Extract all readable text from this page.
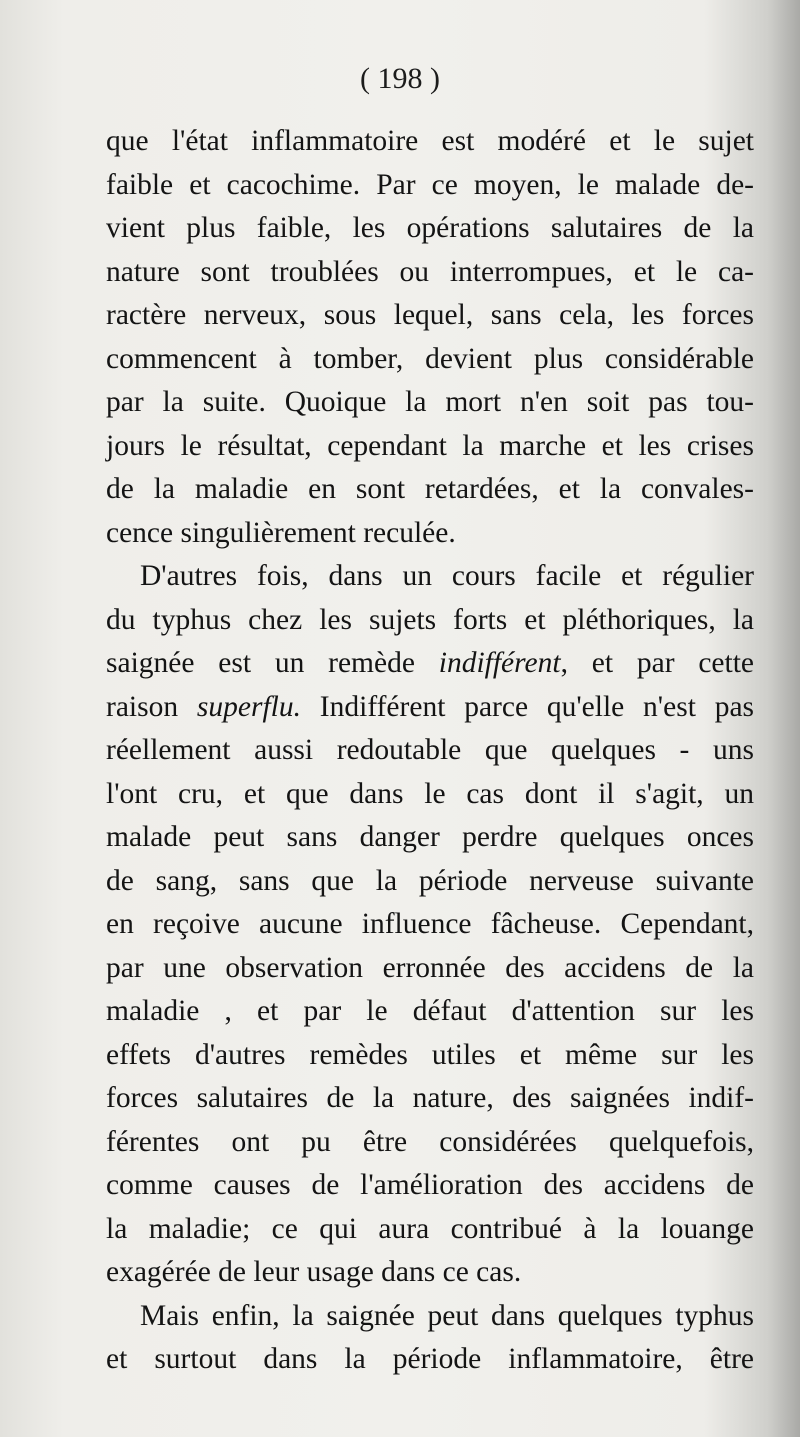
( 198 )
que l'état inflammatoire est modéré et le sujet
faible et cacochime. Par ce moyen, le malade de-
vient plus faible, les opérations salutaires de la
nature sont troublées ou interrompues, et le ca-
ractère nerveux, sous lequel, sans cela, les forces
commencent à tomber, devient plus considérable
par la suite. Quoique la mort n'en soit pas tou-
jours le résultat, cependant la marche et les crises
de la maladie en sont retardées, et la convales-
cence singulièrement reculée.
D'autres fois, dans un cours facile et régulier
du typhus chez les sujets forts et pléthoriques, la
saignée est un remède indifférent, et par cette
raison superflu. Indifférent parce qu'elle n'est pas
réellement aussi redoutable que quelques - uns
l'ont cru, et que dans le cas dont il s'agit, un
malade peut sans danger perdre quelques onces
de sang, sans que la période nerveuse suivante
en reçoive aucune influence fâcheuse. Cependant,
par une observation erronnée des accidens de la
maladie , et par le défaut d'attention sur les
effets d'autres remèdes utiles et même sur les
forces salutaires de la nature, des saignées indif-
férentes ont pu être considérées quelquefois,
comme causes de l'amélioration des accidens de
la maladie; ce qui aura contribué à la louange
exagérée de leur usage dans ce cas.
Mais enfin, la saignée peut dans quelques typhus
et surtout dans la période inflammatoire, être
